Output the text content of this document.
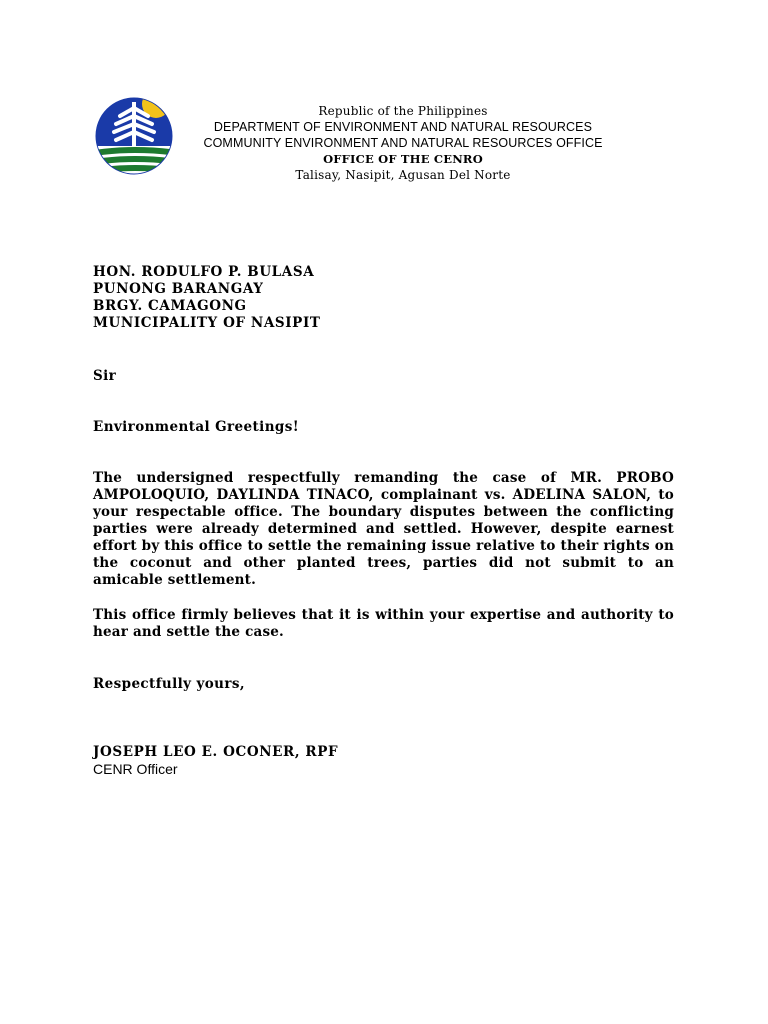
Republic of the Philippines
DEPARTMENT OF ENVIRONMENT AND NATURAL RESOURCES
COMMUNITY ENVIRONMENT AND NATURAL RESOURCES OFFICE
OFFICE OF THE CENRO
Talisay, Nasipit, Agusan Del Norte
HON. RODULFO P. BULASA
PUNONG BARANGAY
BRGY. CAMAGONG
MUNICIPALITY OF NASIPIT
Sir
Environmental Greetings!
The undersigned respectfully remanding the case of MR. PROBO AMPOLOQUIO, DAYLINDA TINACO, complainant vs. ADELINA SALON, to your respectable office. The boundary disputes between the conflicting parties were already determined and settled. However, despite earnest effort by this office to settle the remaining issue relative to their rights on the coconut and other planted trees, parties did not submit to an amicable settlement.
This office firmly believes that it is within your expertise and authority to hear and settle the case.
Respectfully yours,
JOSEPH LEO E. OCONER, RPF
CENR Officer
